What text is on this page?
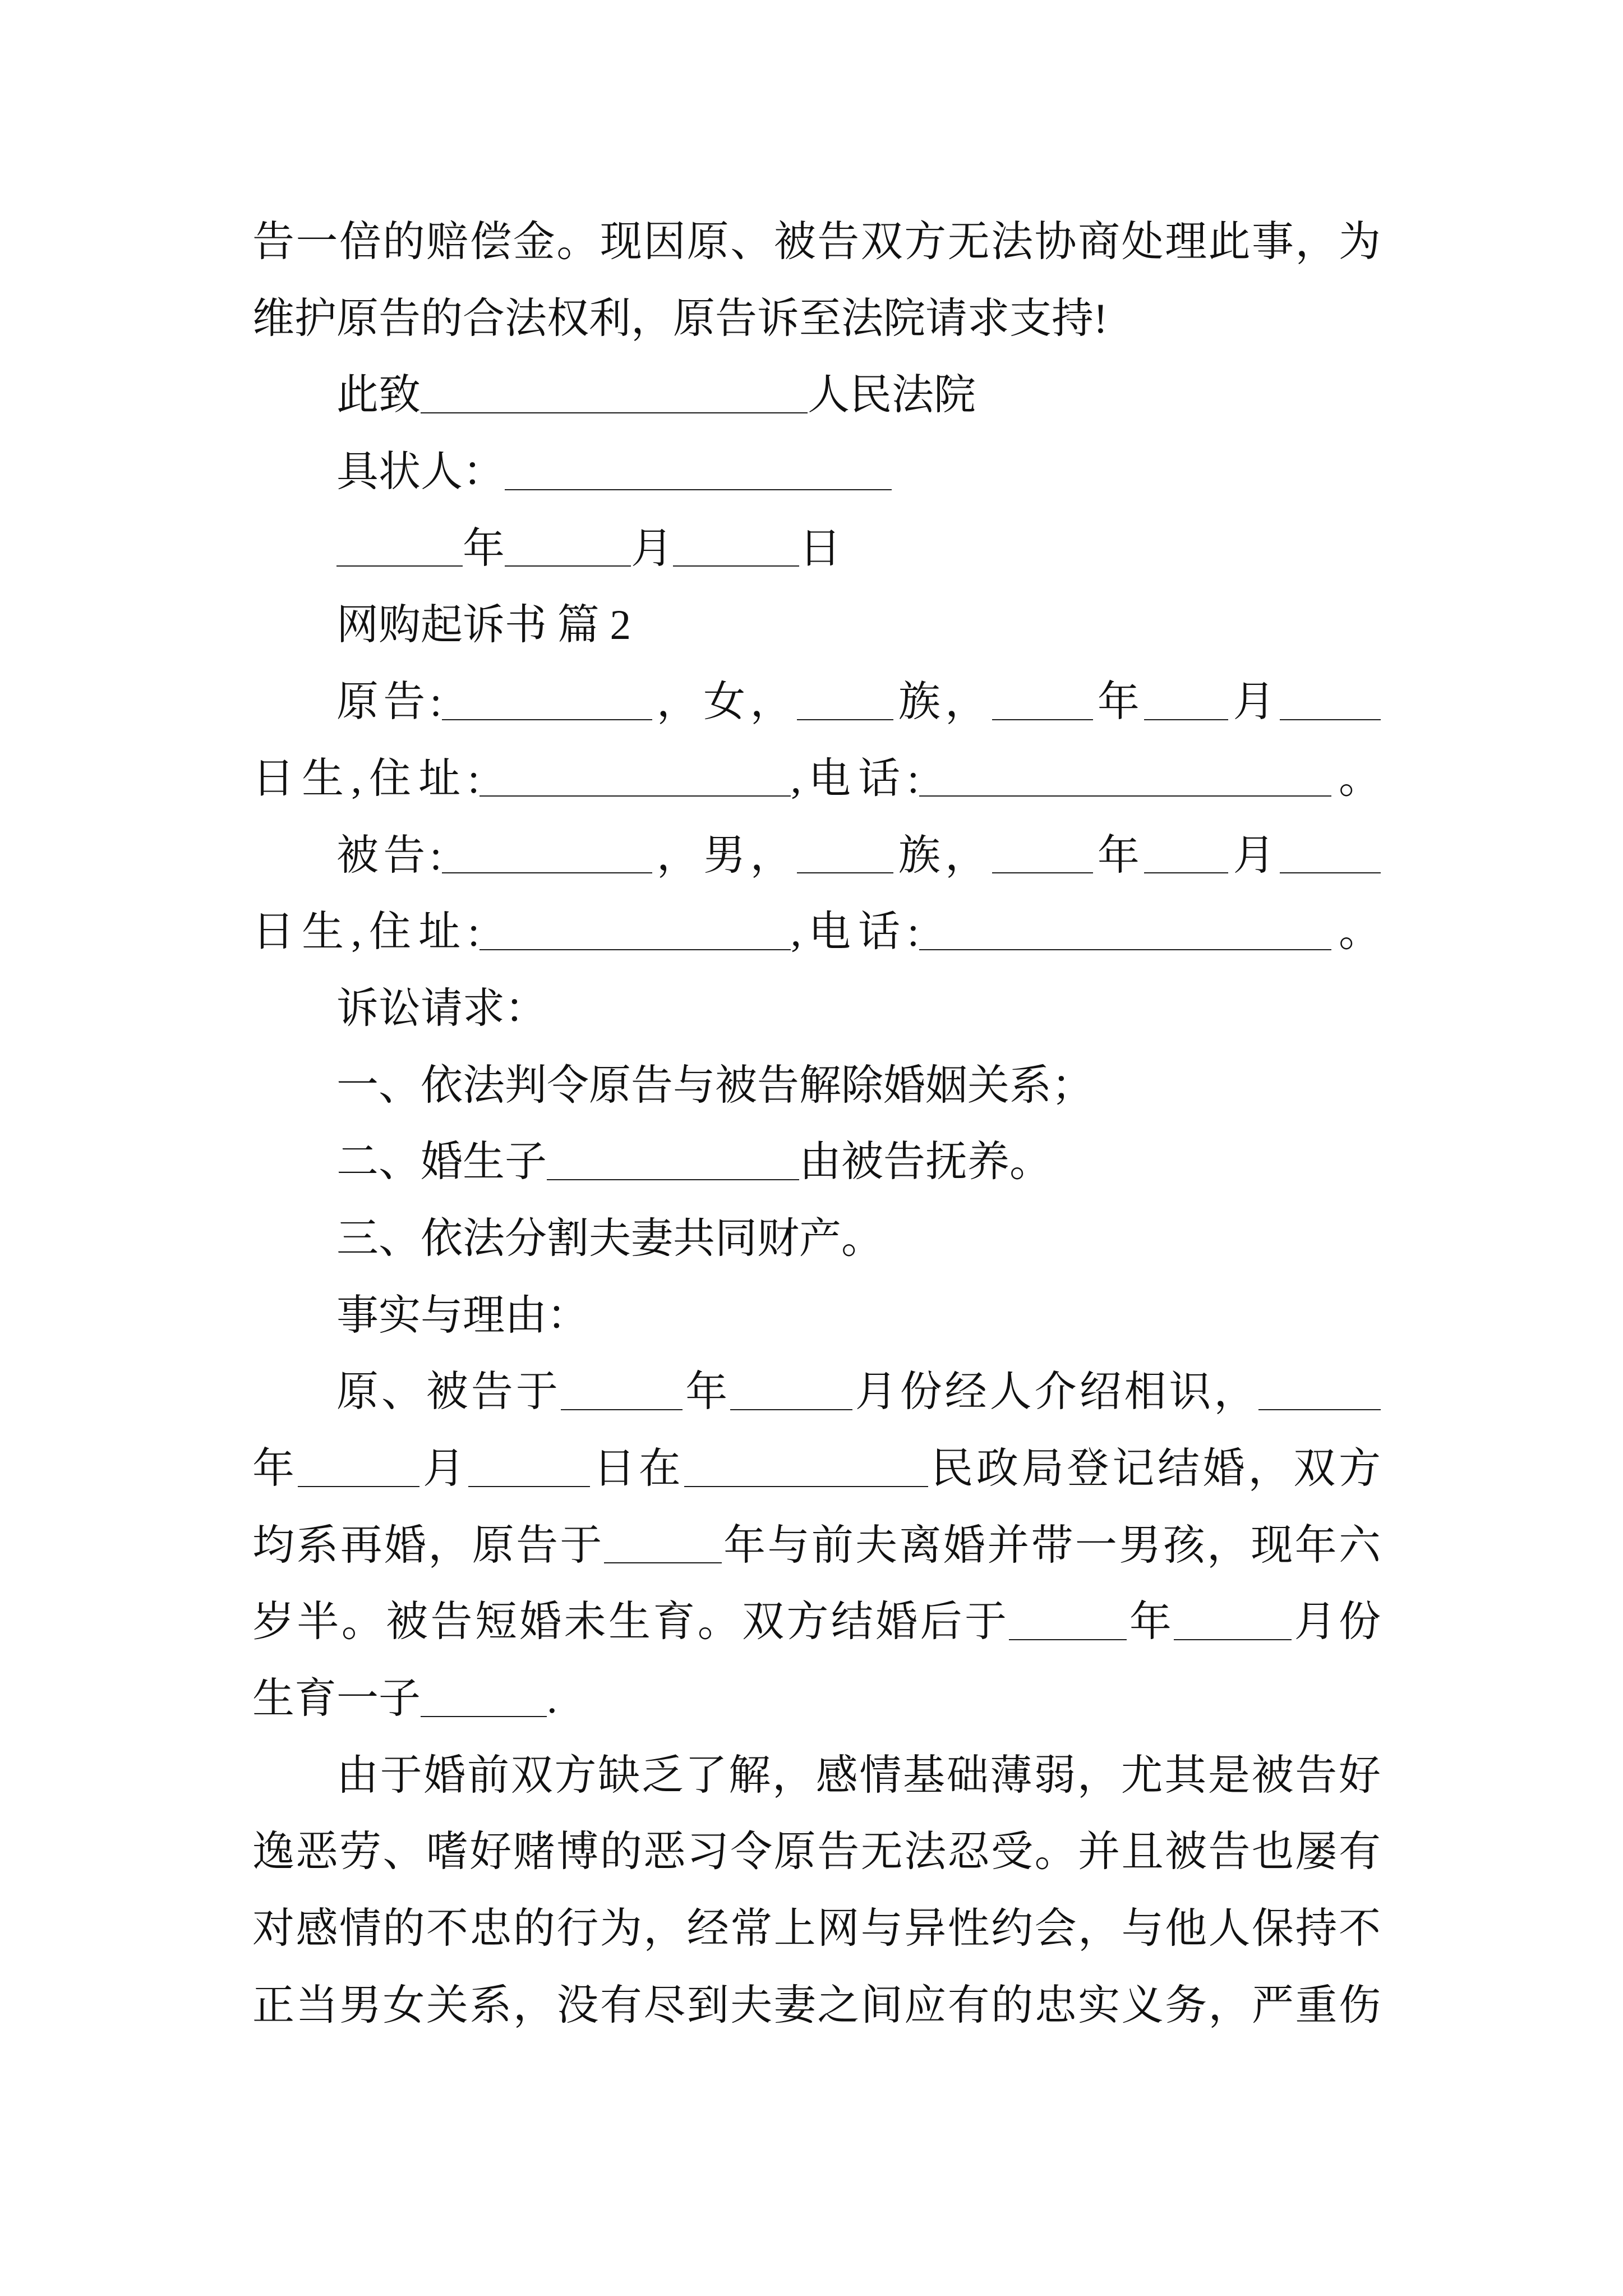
告一倍的赔偿金。现因原、被告双方无法协商处理此事，为
维护原告的合法权利，原告诉至法院请求支持!
此致	人民法院
具状人：
年	月	日
网购起诉书 篇 2
原告:	，女， 族， 年 月
日生,住址:	,电话:	。
被告:	，男， 族， 年 月
日生,住址:	,电话:	。
诉讼请求：
一、依法判令原告与被告解除婚姻关系；
二、婚生子	由被告抚养。
三、依法分割夫妻共同财产。
事实与理由：
原、被告于	年	月份经人介绍相识，
年	月	日在	民政局登记结婚，双方
均系再婚，原告于	年与前夫离婚并带一男孩，现年六
岁半。被告短婚未生育。双方结婚后于	年	月份
生育一子	.
由于婚前双方缺乏了解，感情基础薄弱，尤其是被告好
逸恶劳、嗜好赌博的恶习令原告无法忍受。并且被告也屡有
对感情的不忠的行为，经常上网与异性约会，与他人保持不
正当男女关系，没有尽到夫妻之间应有的忠实义务，严重伤
